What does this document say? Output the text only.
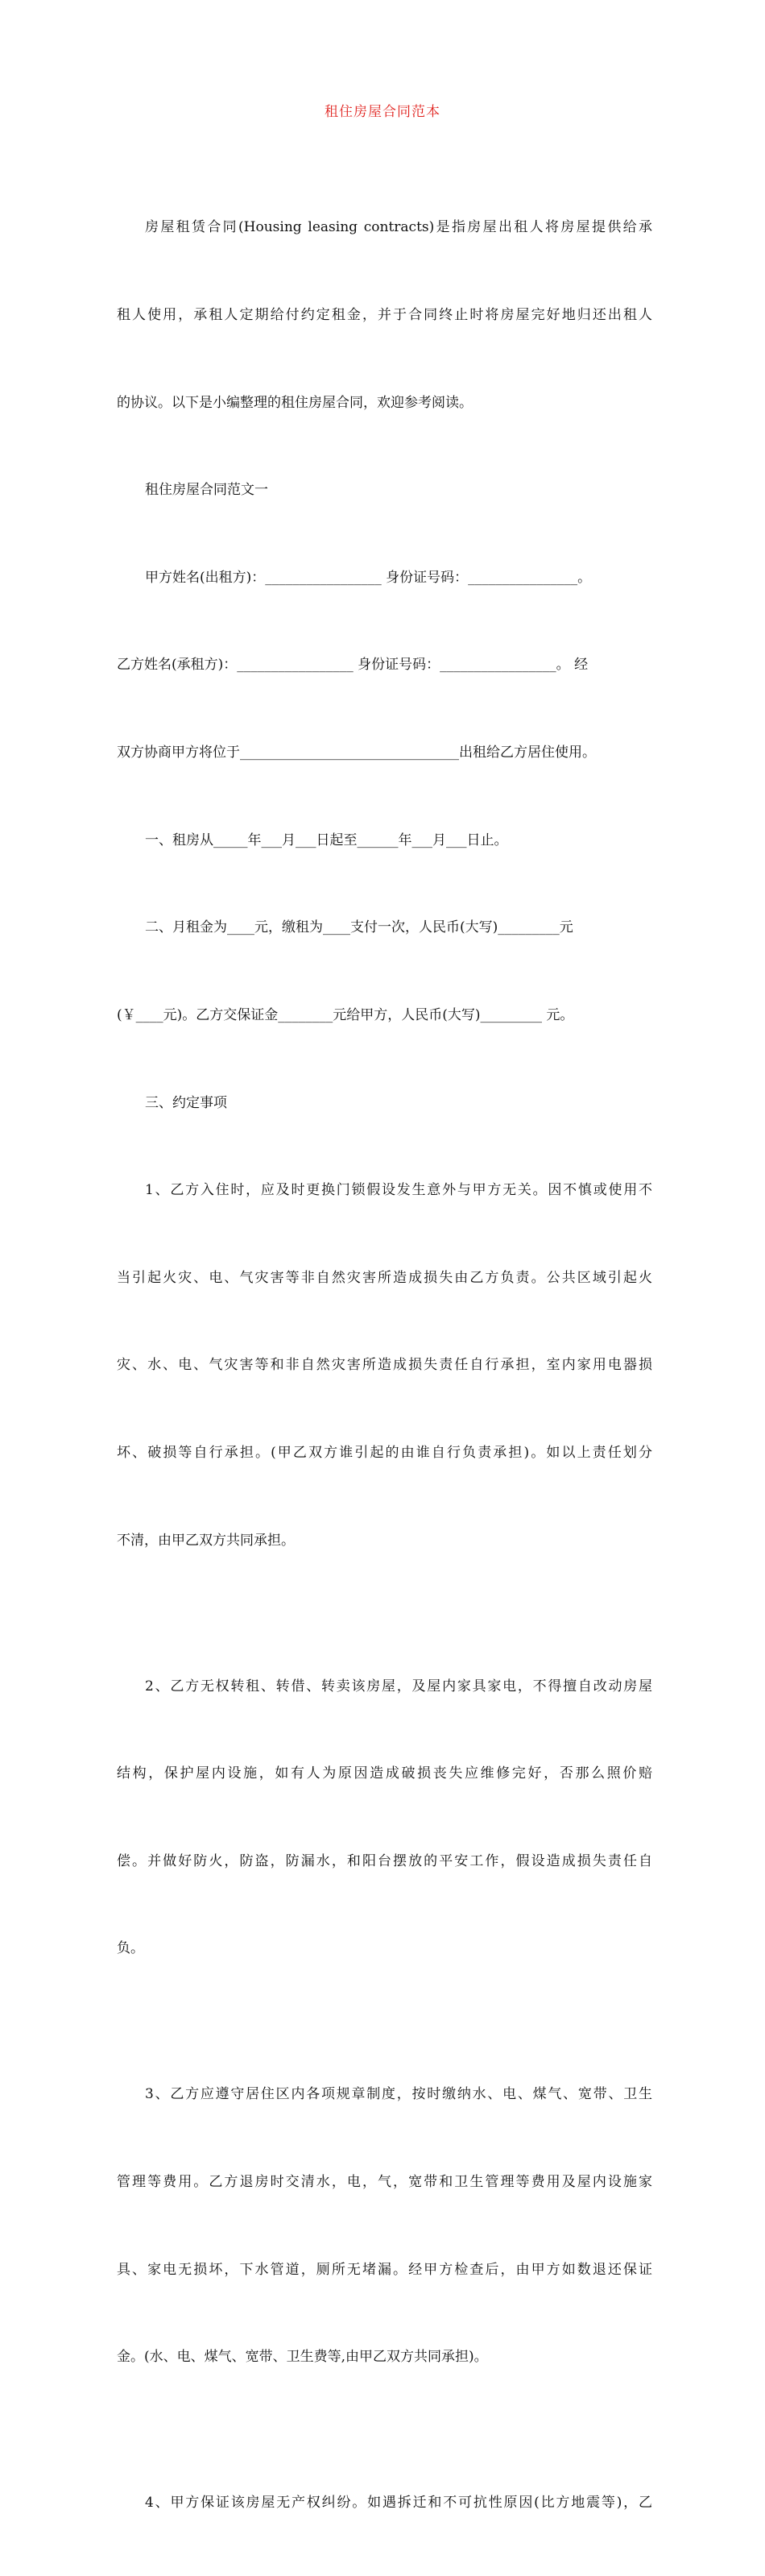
租住房屋合同范本

房屋租赁合同(Housing leasing contracts)是指房屋出租人将房屋提供给承

租人使用，承租人定期给付约定租金，并于合同终止时将房屋完好地归还出租人

的协议。以下是小编整理的租住房屋合同，欢迎参考阅读。

租住房屋合同范文一

甲方姓名(出租方)：_________________ 身份证号码：________________。

乙方姓名(承租方)：_________________ 身份证号码：_________________。 经

双方协商甲方将位于________________________________出租给乙方居住使用。

一、租房从_____年___月___日起至______年___月___日止。

二、月租金为____元，缴租为____支付一次，人民币(大写)_________元

(￥____元)。乙方交保证金________元给甲方，人民币(大写)_________ 元。

三、约定事项

1、乙方入住时，应及时更换门锁假设发生意外与甲方无关。因不慎或使用不

当引起火灾、电、气灾害等非自然灾害所造成损失由乙方负责。公共区域引起火

灾、水、电、气灾害等和非自然灾害所造成损失责任自行承担，室内家用电器损

坏、破损等自行承担。(甲乙双方谁引起的由谁自行负责承担)。如以上责任划分

不清，由甲乙双方共同承担。

2、乙方无权转租、转借、转卖该房屋，及屋内家具家电，不得擅自改动房屋

结构，保护屋内设施，如有人为原因造成破损丧失应维修完好，否那么照价赔

偿。并做好防火，防盗，防漏水，和阳台摆放的平安工作，假设造成损失责任自

负。

3、乙方应遵守居住区内各项规章制度，按时缴纳水、电、煤气、宽带、卫生

管理等费用。乙方退房时交清水，电，气，宽带和卫生管理等费用及屋内设施家

具、家电无损坏，下水管道，厕所无堵漏。经甲方检查后，由甲方如数退还保证

金。(水、电、煤气、宽带、卫生费等,由甲乙双方共同承担)。

4、甲方保证该房屋无产权纠纷。如遇拆迁和不可抗性原因(比方地震等)，乙
